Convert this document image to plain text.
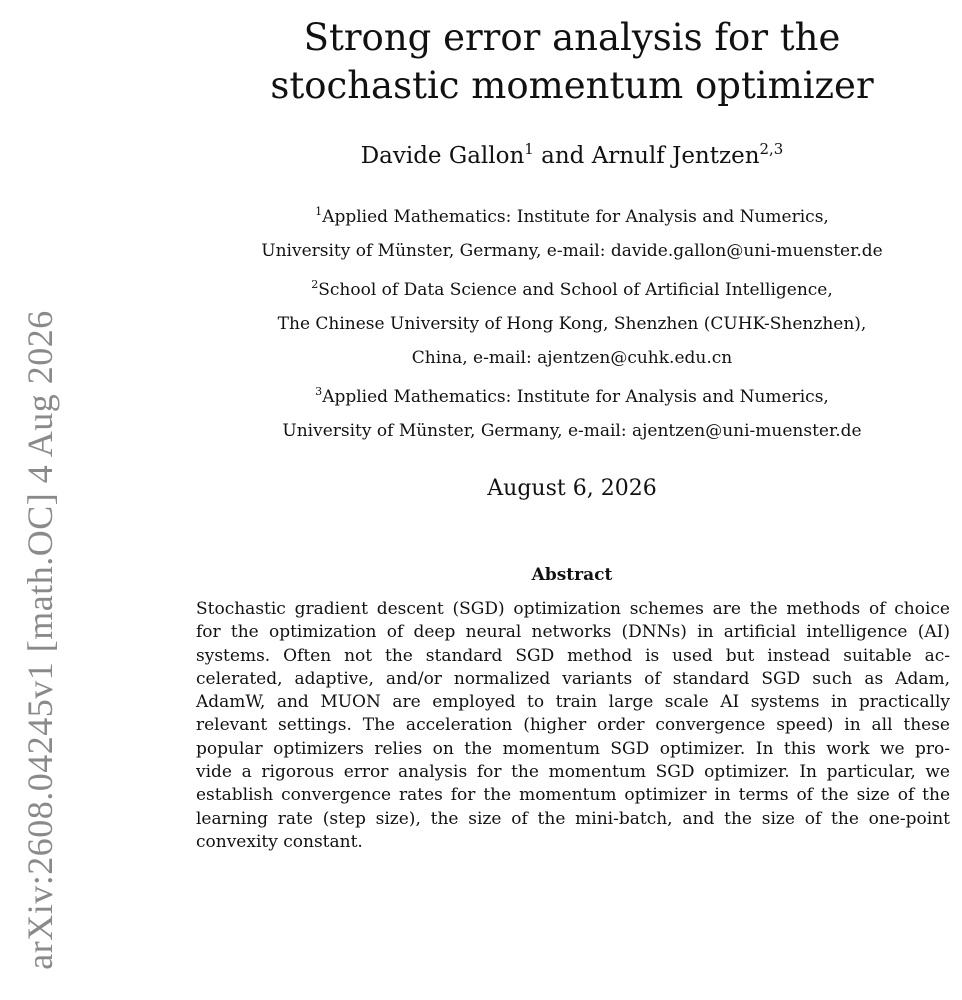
arXiv:2608.04245v1 [math.OC] 4 Aug 2026
Strong error analysis for the
stochastic momentum optimizer
Davide Gallon$^1$ and Arnulf Jentzen$^{2,3}$
$^1$Applied Mathematics: Institute for Analysis and Numerics,
University of Münster, Germany, e-mail: davide.gallon@uni-muenster.de
$^2$School of Data Science and School of Artificial Intelligence,
The Chinese University of Hong Kong, Shenzhen (CUHK-Shenzhen),
China, e-mail: ajentzen@cuhk.edu.cn
$^3$Applied Mathematics: Institute for Analysis and Numerics,
University of Münster, Germany, e-mail: ajentzen@uni-muenster.de
August 6, 2026
Abstract
Stochastic gradient descent (SGD) optimization schemes are the methods of choice
for the optimization of deep neural networks (DNNs) in artificial intelligence (AI)
systems. Often not the standard SGD method is used but instead suitable ac-
celerated, adaptive, and/or normalized variants of standard SGD such as Adam,
AdamW, and MUON are employed to train large scale AI systems in practically
relevant settings. The acceleration (higher order convergence speed) in all these
popular optimizers relies on the momentum SGD optimizer. In this work we pro-
vide a rigorous error analysis for the momentum SGD optimizer. In particular, we
establish convergence rates for the momentum optimizer in terms of the size of the
learning rate (step size), the size of the mini-batch, and the size of the one-point
convexity constant.
